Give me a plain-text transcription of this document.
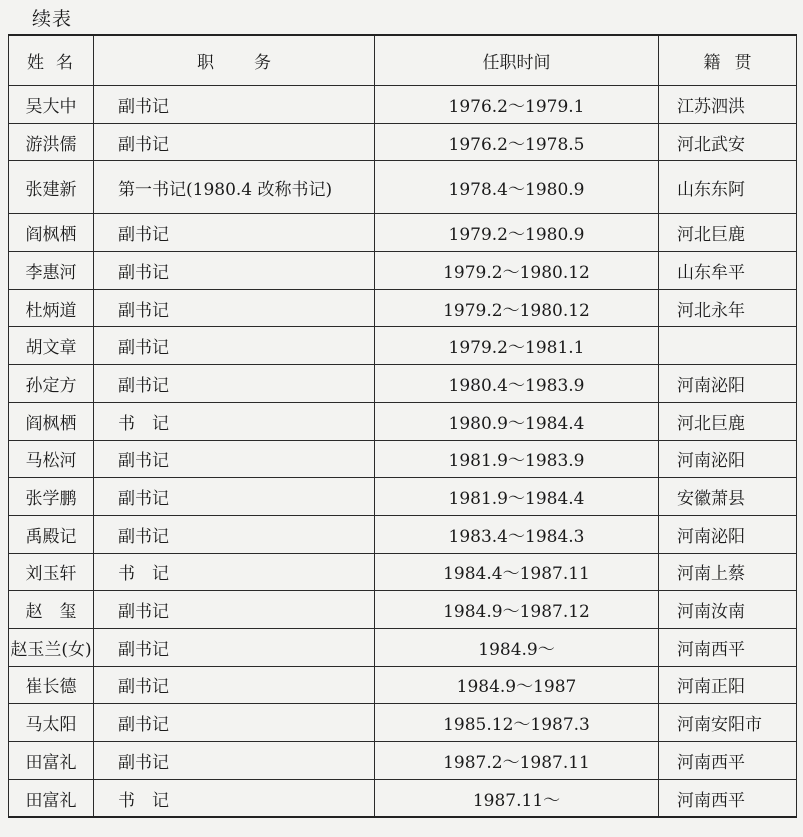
续表
姓名	职务	任职时间	籍贯
吴大中	副书记	1976.2～1979.1	江苏泗洪
游洪儒	副书记	1976.2～1978.5	河北武安
张建新	第一书记(1980.4 改称书记)	1978.4～1980.9	山东东阿
阎枫栖	副书记	1979.2～1980.9	河北巨鹿
李惠河	副书记	1979.2～1980.12	山东牟平
杜炳道	副书记	1979.2～1980.12	河北永年
胡文章	副书记	1979.2～1981.1	
孙定方	副书记	1980.4～1983.9	河南泌阳
阎枫栖	书　记	1980.9～1984.4	河北巨鹿
马松河	副书记	1981.9～1983.9	河南泌阳
张学鹏	副书记	1981.9～1984.4	安徽萧县
禹殿记	副书记	1983.4～1984.3	河南泌阳
刘玉轩	书　记	1984.4～1987.11	河南上蔡
赵　玺	副书记	1984.9～1987.12	河南汝南
赵玉兰(女)	副书记	1984.9～	河南西平
崔长德	副书记	1984.9～1987	河南正阳
马太阳	副书记	1985.12～1987.3	河南安阳市
田富礼	副书记	1987.2～1987.11	河南西平
田富礼	书　记	1987.11～	河南西平
